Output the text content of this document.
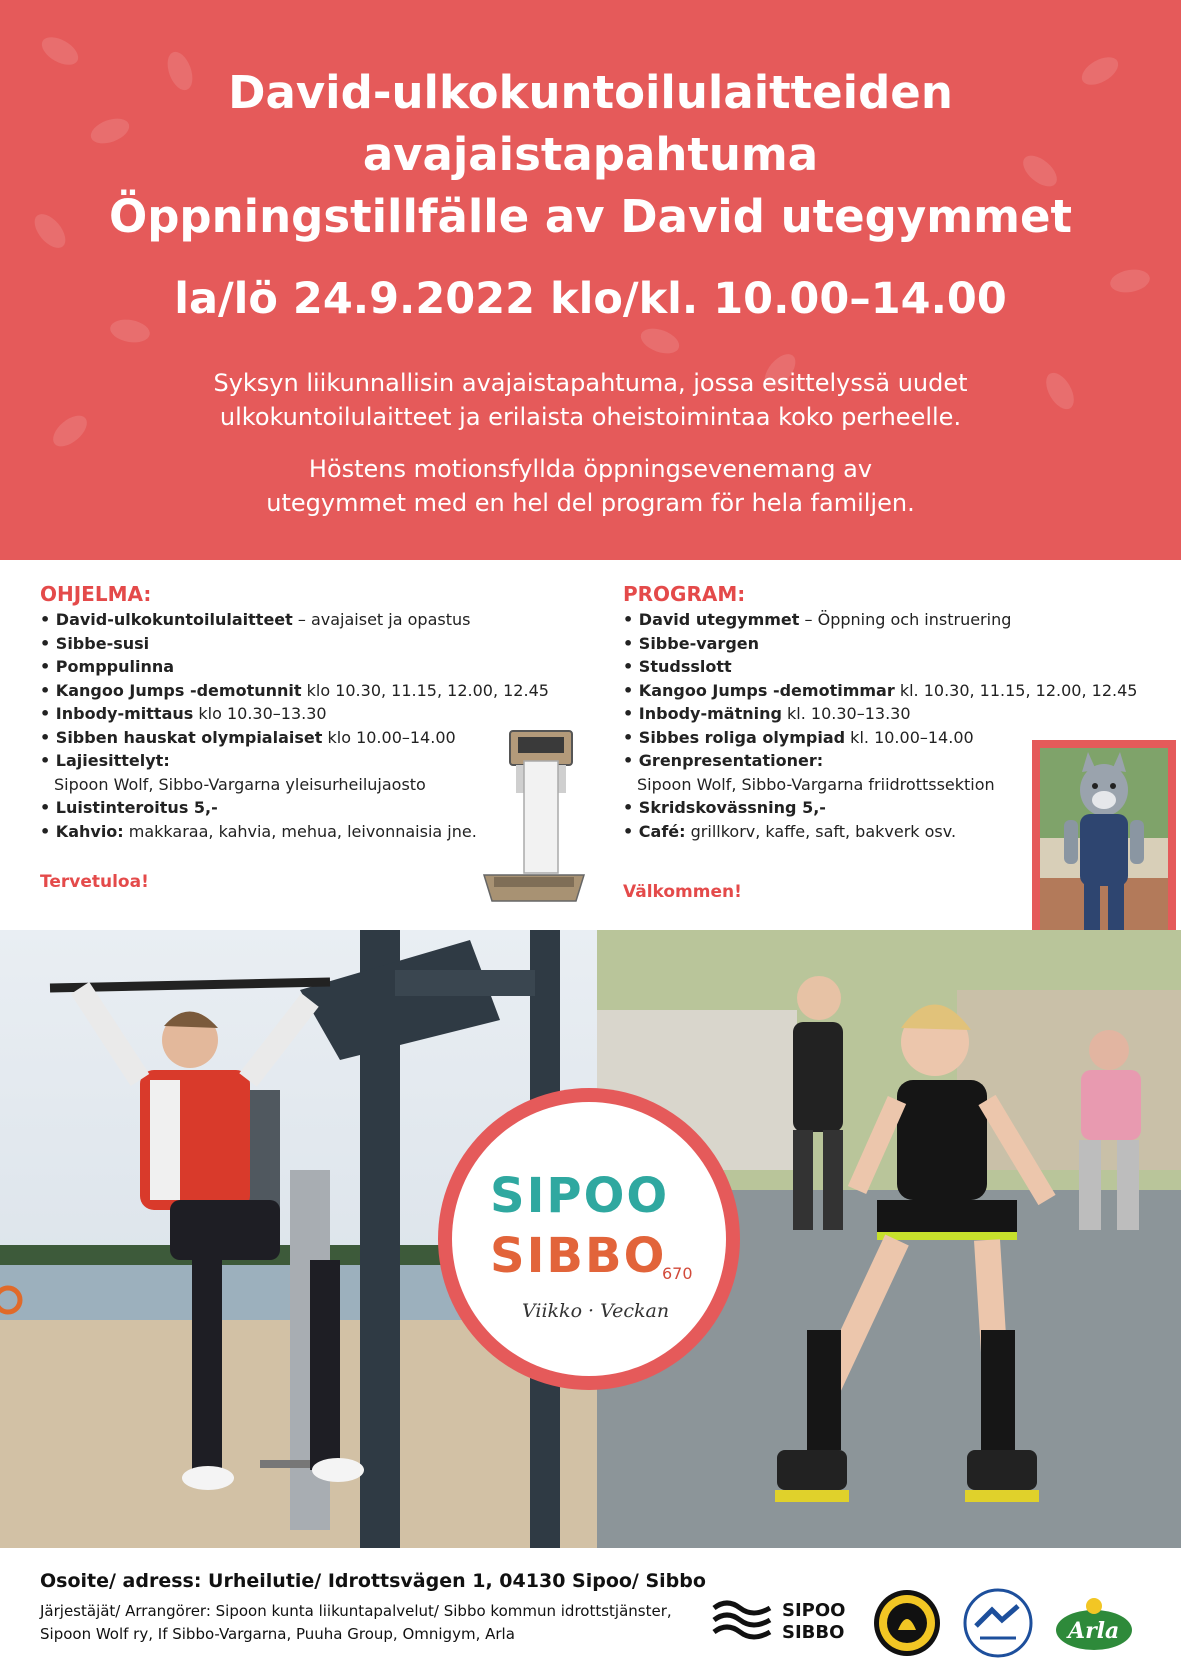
David-ulkokuntoilulaitteiden
avajaistapahtuma
Öppningstillfälle av David utegymmet
la/lö 24.9.2022 klo/kl. 10.00–14.00
Syksyn liikunnallisin avajaistapahtuma, jossa esittelyssä uudet
ulkokuntoilulaitteet ja erilaista oheistoimintaa koko perheelle.
Höstens motionsfyllda öppningsevenemang av
utegymmet med en hel del program för hela familjen.
OHJELMA:
• David-ulkokuntoilulaitteet – avajaiset ja opastus
• Sibbe-susi
• Pomppulinna
• Kangoo Jumps -demotunnit klo 10.30, 11.15, 12.00, 12.45
• Inbody-mittaus klo 10.30–13.30
• Sibben hauskat olympialaiset klo 10.00–14.00
• Lajiesittelyt:
Sipoon Wolf, Sibbo-Vargarna yleisurheilujaosto
• Luistinteroitus 5,-
• Kahvio: makkaraa, kahvia, mehua, leivonnaisia jne.
Tervetuloa!
PROGRAM:
• David utegymmet – Öppning och instruering
• Sibbe-vargen
• Studsslott
• Kangoo Jumps -demotimmar kl. 10.30, 11.15, 12.00, 12.45
• Inbody-mätning kl. 10.30–13.30
• Sibbes roliga olympiad kl. 10.00–14.00
• Grenpresentationer:
Sipoon Wolf, Sibbo-Vargarna friidrottssektion
• Skridskovässning 5,-
• Café: grillkorv, kaffe, saft, bakverk osv.
Välkommen!
SIPOO
SIBBO
670
Viikko · Veckan
Osoite/ adress: Urheilutie/ Idrottsvägen 1, 04130 Sipoo/ Sibbo
Järjestäjät/ Arrangörer: Sipoon kunta liikuntapalvelut/ Sibbo kommun idrottstjänster, Sipoon Wolf ry, If Sibbo-Vargarna, Puuha Group, Omnigym, Arla
SIPOO
SIBBO	Arla
